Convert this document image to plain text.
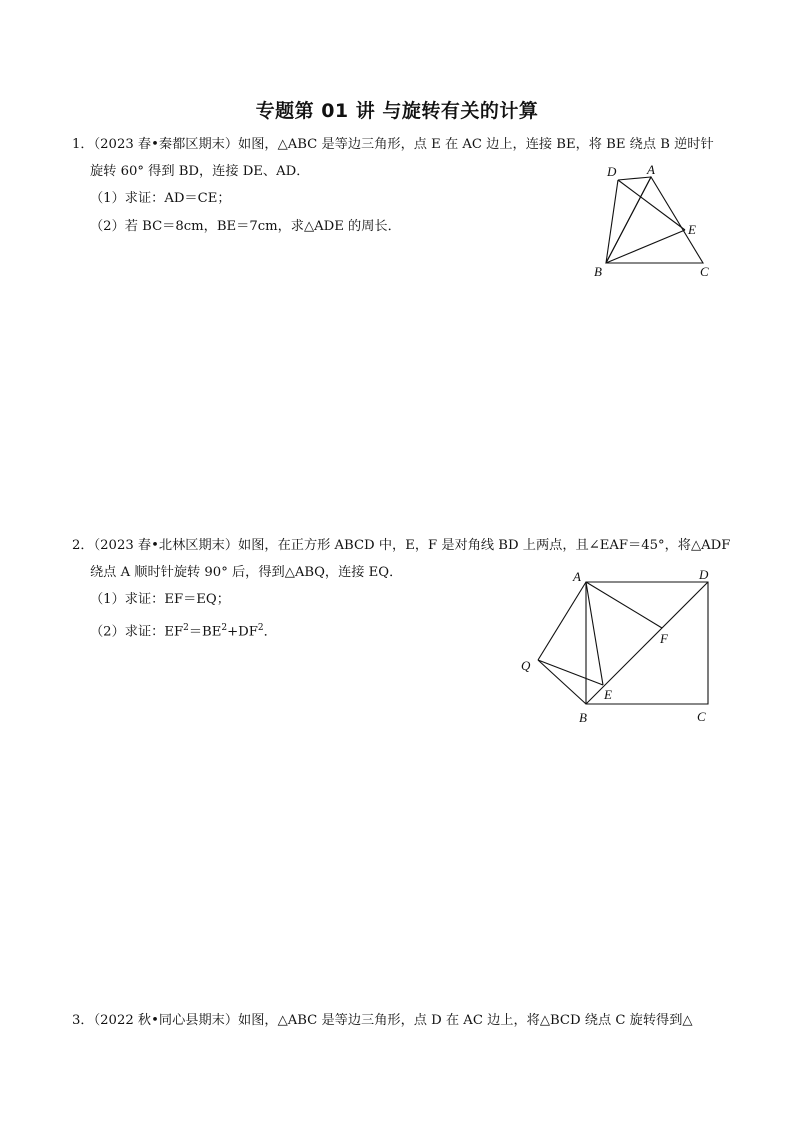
专题第 01 讲 与旋转有关的计算
1．（2023 春•秦都区期末）如图，△ABC 是等边三角形，点 E 在 AC 边上，连接 BE，将 BE 绕点 B 逆时针
旋转 60° 得到 BD，连接 DE、AD．
（1）求证：AD＝CE；
（2）若 BC＝8cm，BE＝7cm，求△ADE 的周长．
D A
E
B	C
2．（2023 春•北林区期末）如图，在正方形 ABCD 中，E，F 是对角线 BD 上两点，且∠EAF＝45°，将△ADF
绕点 A 顺时针旋转 90° 后，得到△ABQ，连接 EQ．
（1）求证：EF＝EQ；
（2）求证：$EF^2=BE^2+DF^2$．
A	D
F
Q
E
B	C
3．（2022 秋•同心县期末）如图，△ABC 是等边三角形，点 D 在 AC 边上，将△BCD 绕点 C 旋转得到△
